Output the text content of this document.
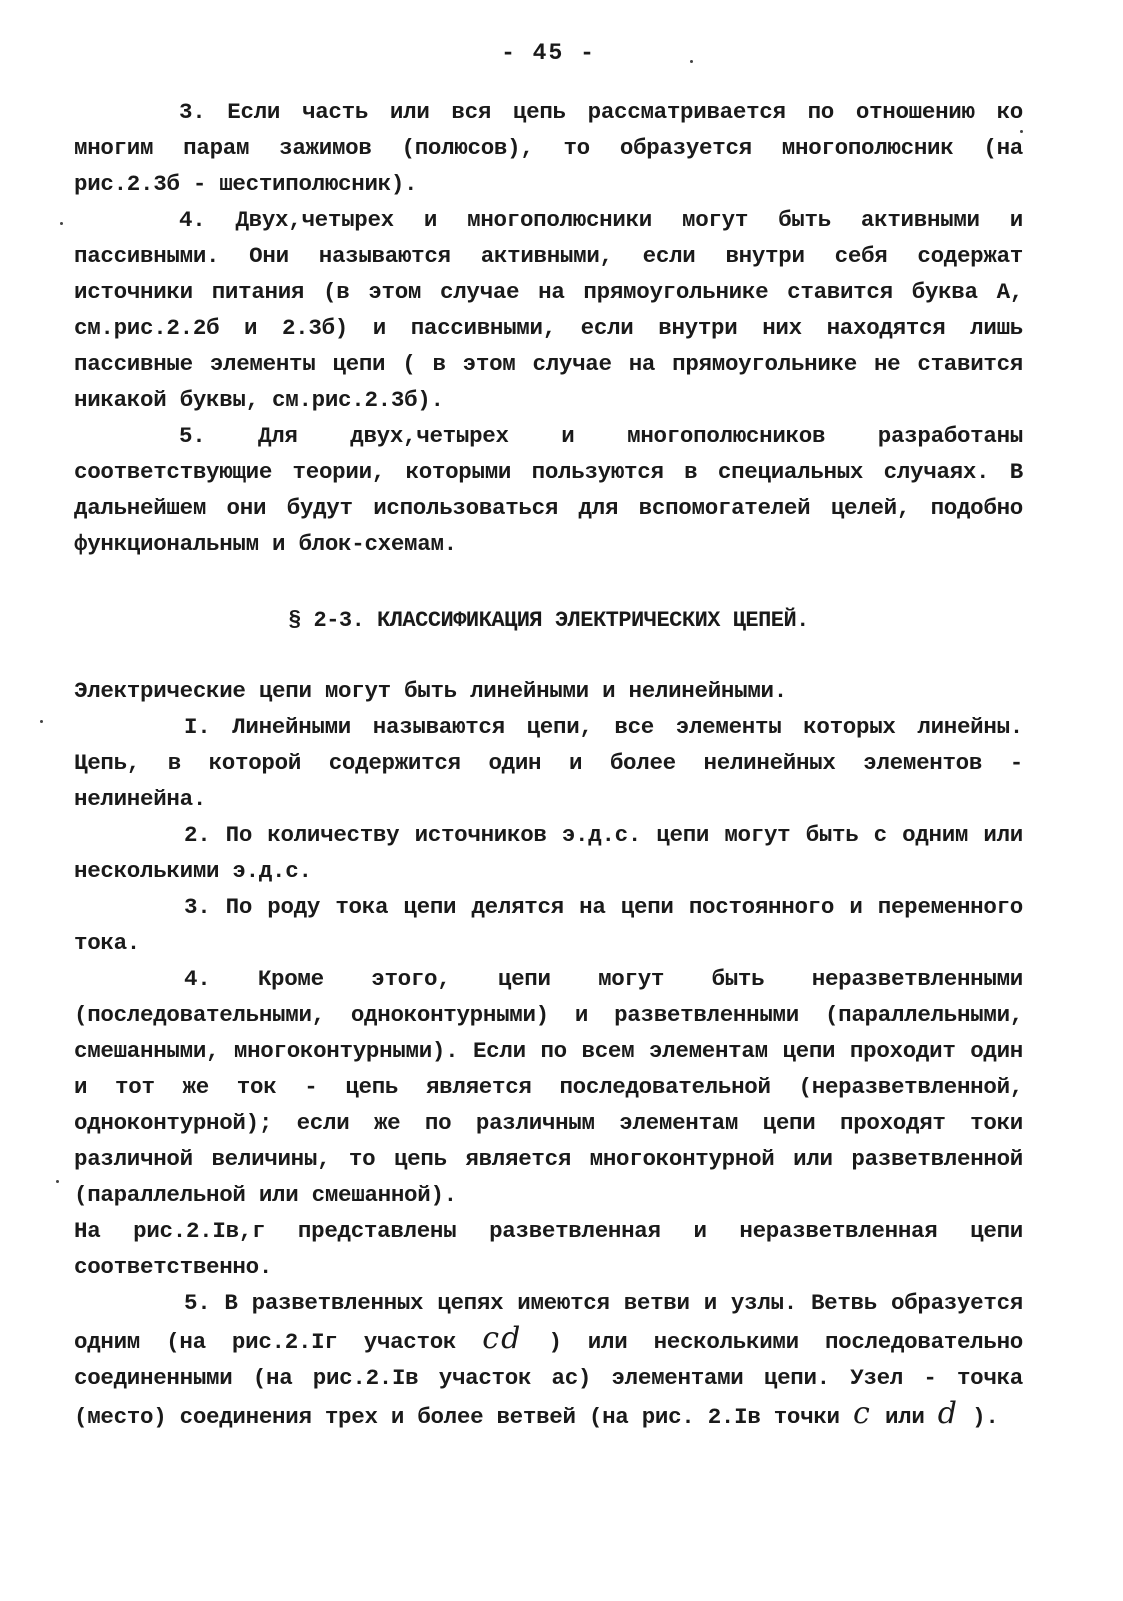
- 45 -

3. Если часть или вся цепь рассматривается по отношению ко многим парам зажимов (полюсов), то образуется многополюсник (на рис.2.3б - шестиполюсник).

4. Двух,четырех и многополюсники могут быть активными и пассивными. Они называются активными, если внутри себя содержат источники питания (в этом случае на прямоугольнике ставится буква А, см.рис.2.2б и 2.3б) и пассивными, если внутри них находятся лишь пассивные элементы цепи ( в этом случае на прямоугольнике не ставится никакой буквы, см.рис.2.3б).

5. Для двух,четырех и многополюсников разработаны соответствующие теории, которыми пользуются в специальных случаях. В дальнейшем они будут использоваться для вспомогателей целей, подобно функциональным и блок-схемам.

§ 2-3. КЛАССИФИКАЦИЯ ЭЛЕКТРИЧЕСКИХ ЦЕПЕЙ.

Электрические цепи могут быть линейными и нелинейными.

I. Линейными называются цепи, все элементы которых линейны. Цепь, в которой содержится один и более нелинейных элементов - нелинейна.

2. По количеству источников э.д.с. цепи могут быть с одним или несколькими э.д.с.

3. По роду тока цепи делятся на цепи постоянного и переменного тока.

4. Кроме этого, цепи могут быть неразветвленными (последовательными, одноконтурными) и разветвленными (параллельными, смешанными, многоконтурными). Если по всем элементам цепи проходит один и тот же ток - цепь является последовательной (неразветвленной, одноконтурной); если же по различным элементам цепи проходят токи различной величины, то цепь является многоконтурной или разветвленной (параллельной или смешанной).

На рис.2.Iв,г представлены разветвленная и неразветвленная цепи соответственно.

5. В разветвленных цепях имеются ветви и узлы. Ветвь образуется одним (на рис.2.Iг участок cd ) или несколькими последовательно соединенными (на рис.2.Iв участок ас) элементами цепи. Узел - точка (место) соединения трех и более ветвей (на рис. 2.Iв точки c или d ).
